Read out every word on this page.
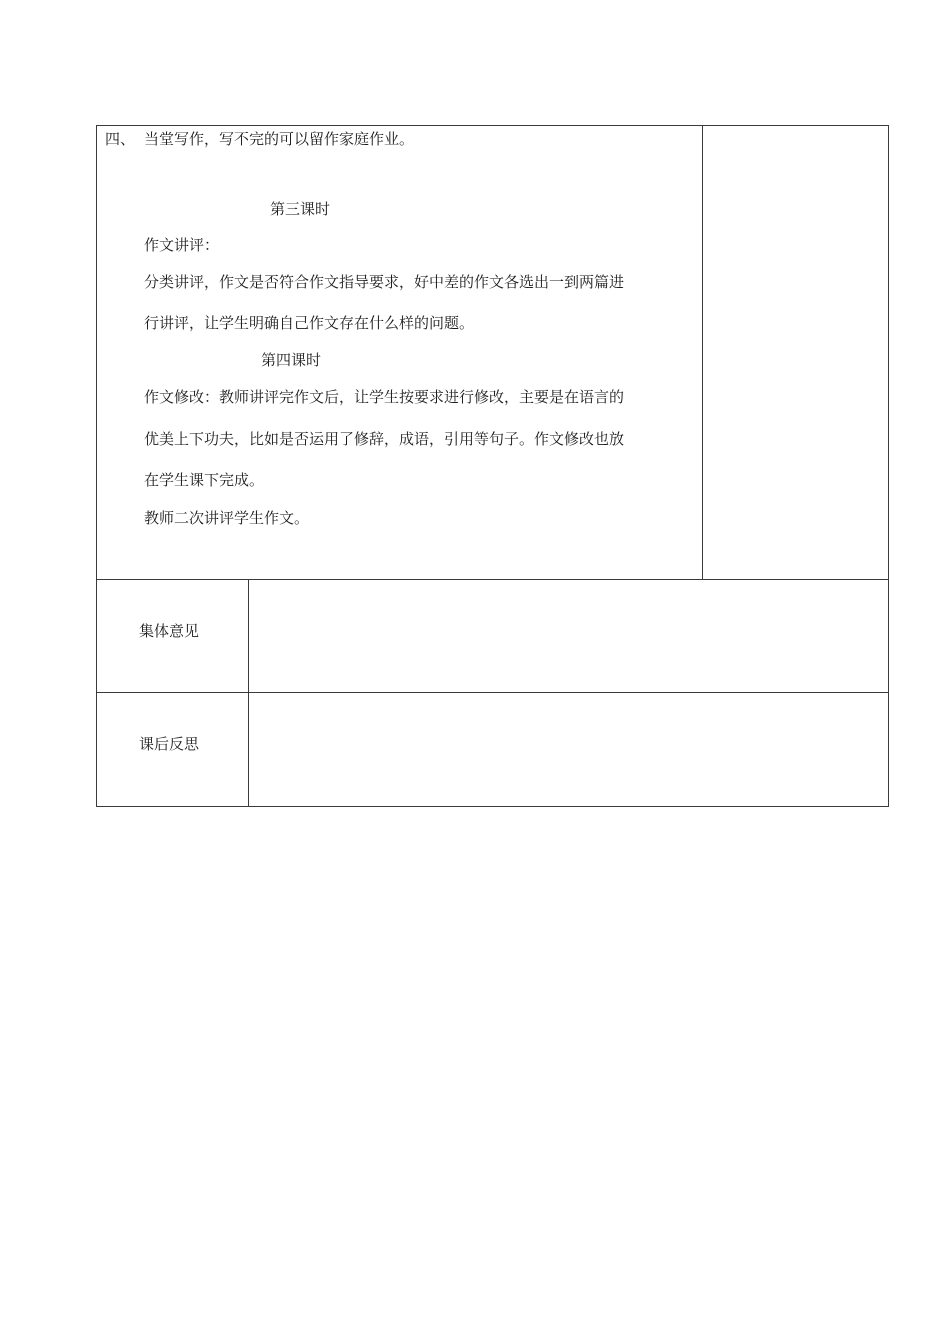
四、 当堂写作，写不完的可以留作家庭作业。
第三课时
作文讲评：
分类讲评，作文是否符合作文指导要求，好中差的作文各选出一到两篇进
行讲评，让学生明确自己作文存在什么样的问题。
第四课时
作文修改：教师讲评完作文后，让学生按要求进行修改，主要是在语言的
优美上下功夫，比如是否运用了修辞，成语，引用等句子。作文修改也放
在学生课下完成。
教师二次讲评学生作文。
集体意见
课后反思
